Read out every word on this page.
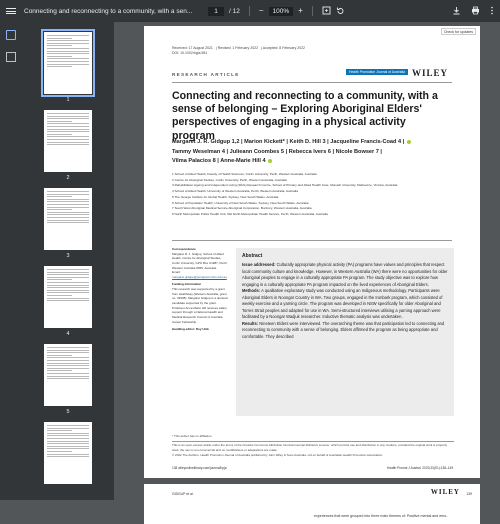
Connecting and reconnecting to a community, with a sen...	1	/ 12 −	100%	+
1
2
3
4
5
Check for updates
Received: 17 August 2021 | Revised: 1 February 2022 | Accepted: 8 February 2022
DOI: 10.1002/hpja.581
Health Promotion Journal of Australia WILEY
RESEARCH ARTICLE
Connecting and reconnecting to a community, with a sense of belonging – Exploring Aboriginal Elders' perspectives of engaging in a physical activity program
Margaret J. R. Gidgup 1,2 | Marion Kickett* | Keith D. Hill 3 | Jacqueline Francis-Coad 4 |
Tammy Weselman 4 | Julieann Coombes 5 | Rebecca Ivers 6 | Nicole Bowser 7 |
Vilma Palacios 8 | Anne-Marie Hill 4
1 School of Allied Health, Faculty of Health Sciences, Curtin University, Perth, Western Australia, Australia
2 Centre for Aboriginal Studies, Curtin University, Perth, Western Australia, Australia
3 Rehabilitation Ageing and Independent Living (RAIL) Research Centre, School of Primary and Allied Health Care, Monash University, Melbourne, Victoria, Australia
4 School of Allied Health, University of Western Australia, Perth, Western Australia, Australia
5 The George Institute for Global Health, Sydney, New South Wales, Australia
6 School of Population Health, University of New South Wales, Sydney, New South Wales, Australia
7 South West Aboriginal Medical Service Aboriginal Corporation, Bunbury, Western Australia, Australia
8 North Metropolitan Public Health Unit, WA North Metropolitan Health Service, Perth, Western Australia, Australia
Correspondence
Margaret R. J. Gidgup, School of Allied Health, Centre for Aboriginal Studies, Curtin University, GPO Box U1987, Perth, Western Australia 6845, Australia.
Email: margaret.gidgup@postgrad.curtin.edu.au
Funding information
This research was supported by a grant from Healthway (Western Australia, grant no. 33938). Margaret Gidgup is a doctoral candidate supported by the grant. Professor Anne-Marie Hill receives salary support through a National Health and Medical Research Council of Australia Career Fellowship.
Handling editor: Roy Unik
Abstract
Issue addressed: Culturally appropriate physical activity (PA) programs have values and principles that respect local community culture and knowledge. However, in Western Australia (WA) there were no opportunities for older Aboriginal peoples to engage in a culturally appropriate PA program. The study objective was to explore how engaging in a culturally appropriate PA program impacted on the lived experiences of Aboriginal Elders.
Methods: A qualitative exploratory study was conducted using an Indigenous methodology. Participants were Aboriginal Elders in Noongar Country in WA. Two groups, engaged in the Ironbark program, which consisted of weekly exercise and a yarning circle. The program was developed in NSW specifically for older Aboriginal and Torres Strait peoples and adapted for use in WA. Semi-structured interviews utilising a yarning approach were facilitated by a Noongar Wadjuk researcher. Inductive thematic analysis was undertaken.
Results: Nineteen Elders were interviewed. The overarching theme was that participation led to connecting and reconnecting to community with a sense of belonging. Elders affirmed the program as being appropriate and comfortable. They described
* This author has no affiliation.
This is an open access article under the terms of the Creative Commons Attribution-NonCommercial-NoDerivs License, which permits use and distribution in any medium, provided the original work is properly cited, the use is non-commercial and no modifications or adaptations are made.
© 2022 The Authors. Health Promotion Journal of Australia published by John Wiley & Sons Australia, Ltd on behalf of Australian Health Promotion Association
138 wileyonlinelibrary.com/journal/hpja	Health Promot J Austral. 2023;33(S1):138–149.
GIDGUP et al.	WILEY 139
experiences that were grouped into three main themes of: Positive mental and emo-
